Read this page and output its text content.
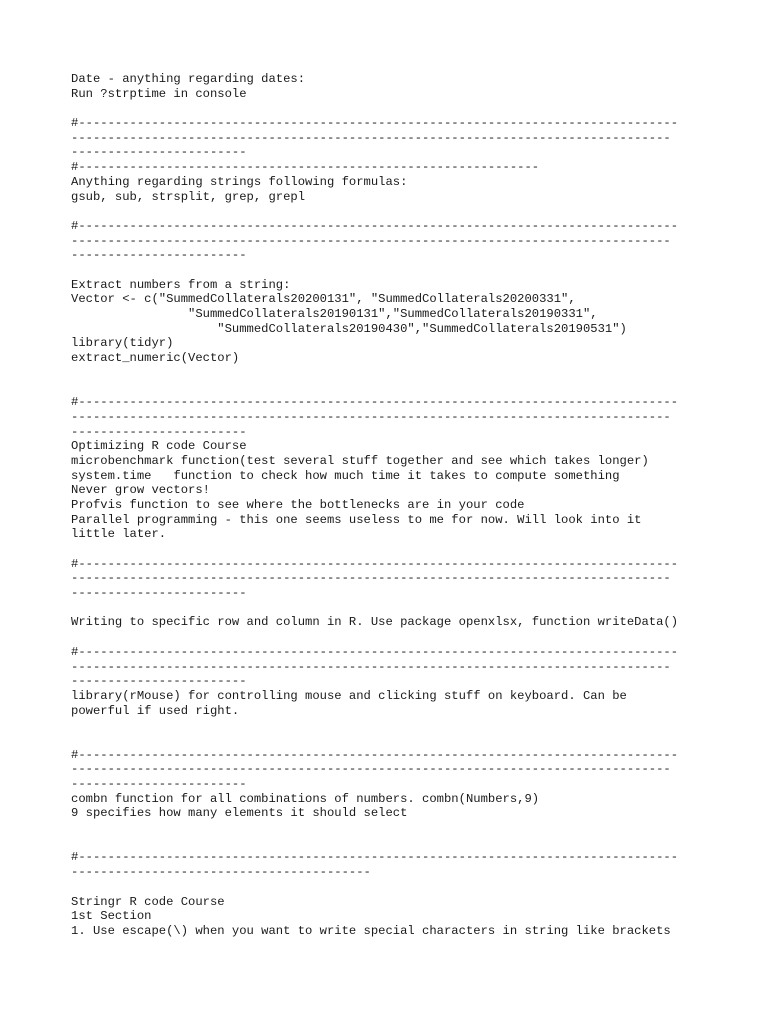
Date - anything regarding dates:
Run ?strptime in console
#----------------------------------------------------------------------------------
----------------------------------------------------------------------------------
------------------------
#---------------------------------------------------------------
Anything regarding strings following formulas:
gsub, sub, strsplit, grep, grepl
#----------------------------------------------------------------------------------
----------------------------------------------------------------------------------
------------------------
Extract numbers from a string:
Vector <- c("SummedCollaterals20200131", "SummedCollaterals20200331",
"SummedCollaterals20190131","SummedCollaterals20190331",
"SummedCollaterals20190430","SummedCollaterals20190531")
library(tidyr)
extract_numeric(Vector)
#----------------------------------------------------------------------------------
----------------------------------------------------------------------------------
------------------------
Optimizing R code Course
microbenchmark function(test several stuff together and see which takes longer)
system.time   function to check how much time it takes to compute something
Never grow vectors!
Profvis function to see where the bottlenecks are in your code
Parallel programming - this one seems useless to me for now. Will look into it
little later.
#----------------------------------------------------------------------------------
----------------------------------------------------------------------------------
------------------------
Writing to specific row and column in R. Use package openxlsx, function writeData()
#----------------------------------------------------------------------------------
----------------------------------------------------------------------------------
------------------------
library(rMouse) for controlling mouse and clicking stuff on keyboard. Can be
powerful if used right.
#----------------------------------------------------------------------------------
----------------------------------------------------------------------------------
------------------------
combn function for all combinations of numbers. combn(Numbers,9)
9 specifies how many elements it should select
#----------------------------------------------------------------------------------
-----------------------------------------
Stringr R code Course
1st Section
1. Use escape(\) when you want to write special characters in string like brackets
